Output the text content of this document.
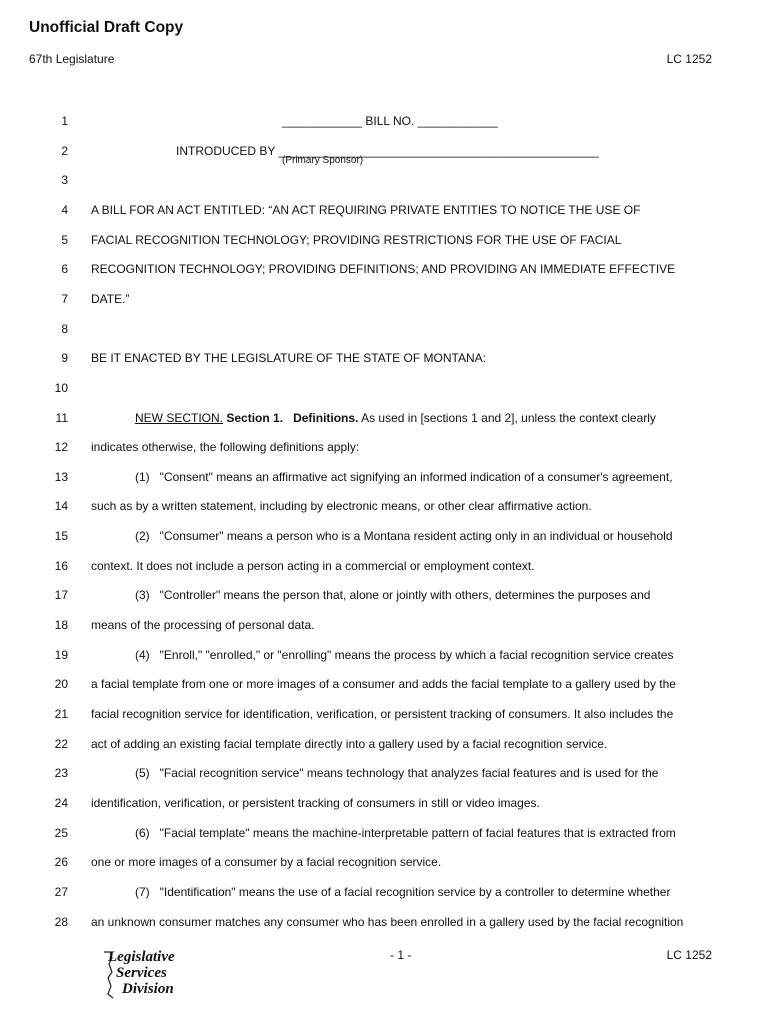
Unofficial Draft Copy
67th Legislature	LC 1252
1	____________ BILL NO. ____________
2	INTRODUCED BY ________________________________________________
3
4 A BILL FOR AN ACT ENTITLED: “AN ACT REQUIRING PRIVATE ENTITIES TO NOTICE THE USE OF
5 FACIAL RECOGNITION TECHNOLOGY; PROVIDING RESTRICTIONS FOR THE USE OF FACIAL
6 RECOGNITION TECHNOLOGY; PROVIDING DEFINITIONS; AND PROVIDING AN IMMEDIATE EFFECTIVE
7 DATE.”
8
9 BE IT ENACTED BY THE LEGISLATURE OF THE STATE OF MONTANA:
10
11	NEW SECTION. Section 1. Definitions. As used in [sections 1 and 2], unless the context clearly
12 indicates otherwise, the following definitions apply:
13	(1)   "Consent" means an affirmative act signifying an informed indication of a consumer's agreement,
14 such as by a written statement, including by electronic means, or other clear affirmative action.
15	(2)   "Consumer" means a person who is a Montana resident acting only in an individual or household
16 context. It does not include a person acting in a commercial or employment context.
17	(3)   "Controller" means the person that, alone or jointly with others, determines the purposes and
18 means of the processing of personal data.
19	(4)   "Enroll," "enrolled," or "enrolling" means the process by which a facial recognition service creates
20 a facial template from one or more images of a consumer and adds the facial template to a gallery used by the
21 facial recognition service for identification, verification, or persistent tracking of consumers. It also includes the
22 act of adding an existing facial template directly into a gallery used by a facial recognition service.
23	(5)   "Facial recognition service" means technology that analyzes facial features and is used for the
24 identification, verification, or persistent tracking of consumers in still or video images.
25	(6)   "Facial template" means the machine-interpretable pattern of facial features that is extracted from
26 one or more images of a consumer by a facial recognition service.
27	(7)   "Identification" means the use of a facial recognition service by a controller to determine whether
28 an unknown consumer matches any consumer who has been enrolled in a gallery used by the facial recognition
(Primary Sponsor)
- 1 -	LC 1252
Legislative
Services
Division
